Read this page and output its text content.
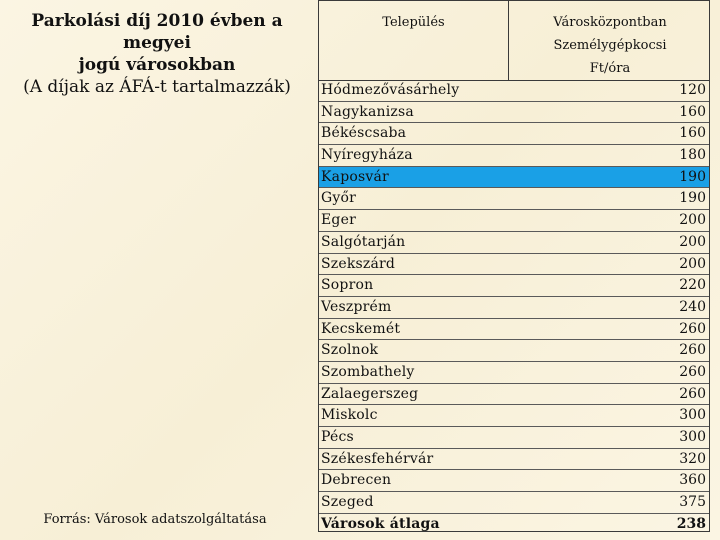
Parkolási díj 2010 évben a megyei
jogú városokban
(A díjak az ÁFÁ-t tartalmazzák)
Forrás: Városok adatszolgáltatása
Település	Városközpontban
Személygépkocsi
Ft/óra
Hódmezővásárhely	120
Nagykanizsa	160
Békéscsaba	160
Nyíregyháza	180
Kaposvár	190
Győr	190
Eger	200
Salgótarján	200
Szekszárd	200
Sopron	220
Veszprém	240
Kecskemét	260
Szolnok	260
Szombathely	260
Zalaegerszeg	260
Miskolc	300
Pécs	300
Székesfehérvár	320
Debrecen	360
Szeged	375
Városok átlaga	238
